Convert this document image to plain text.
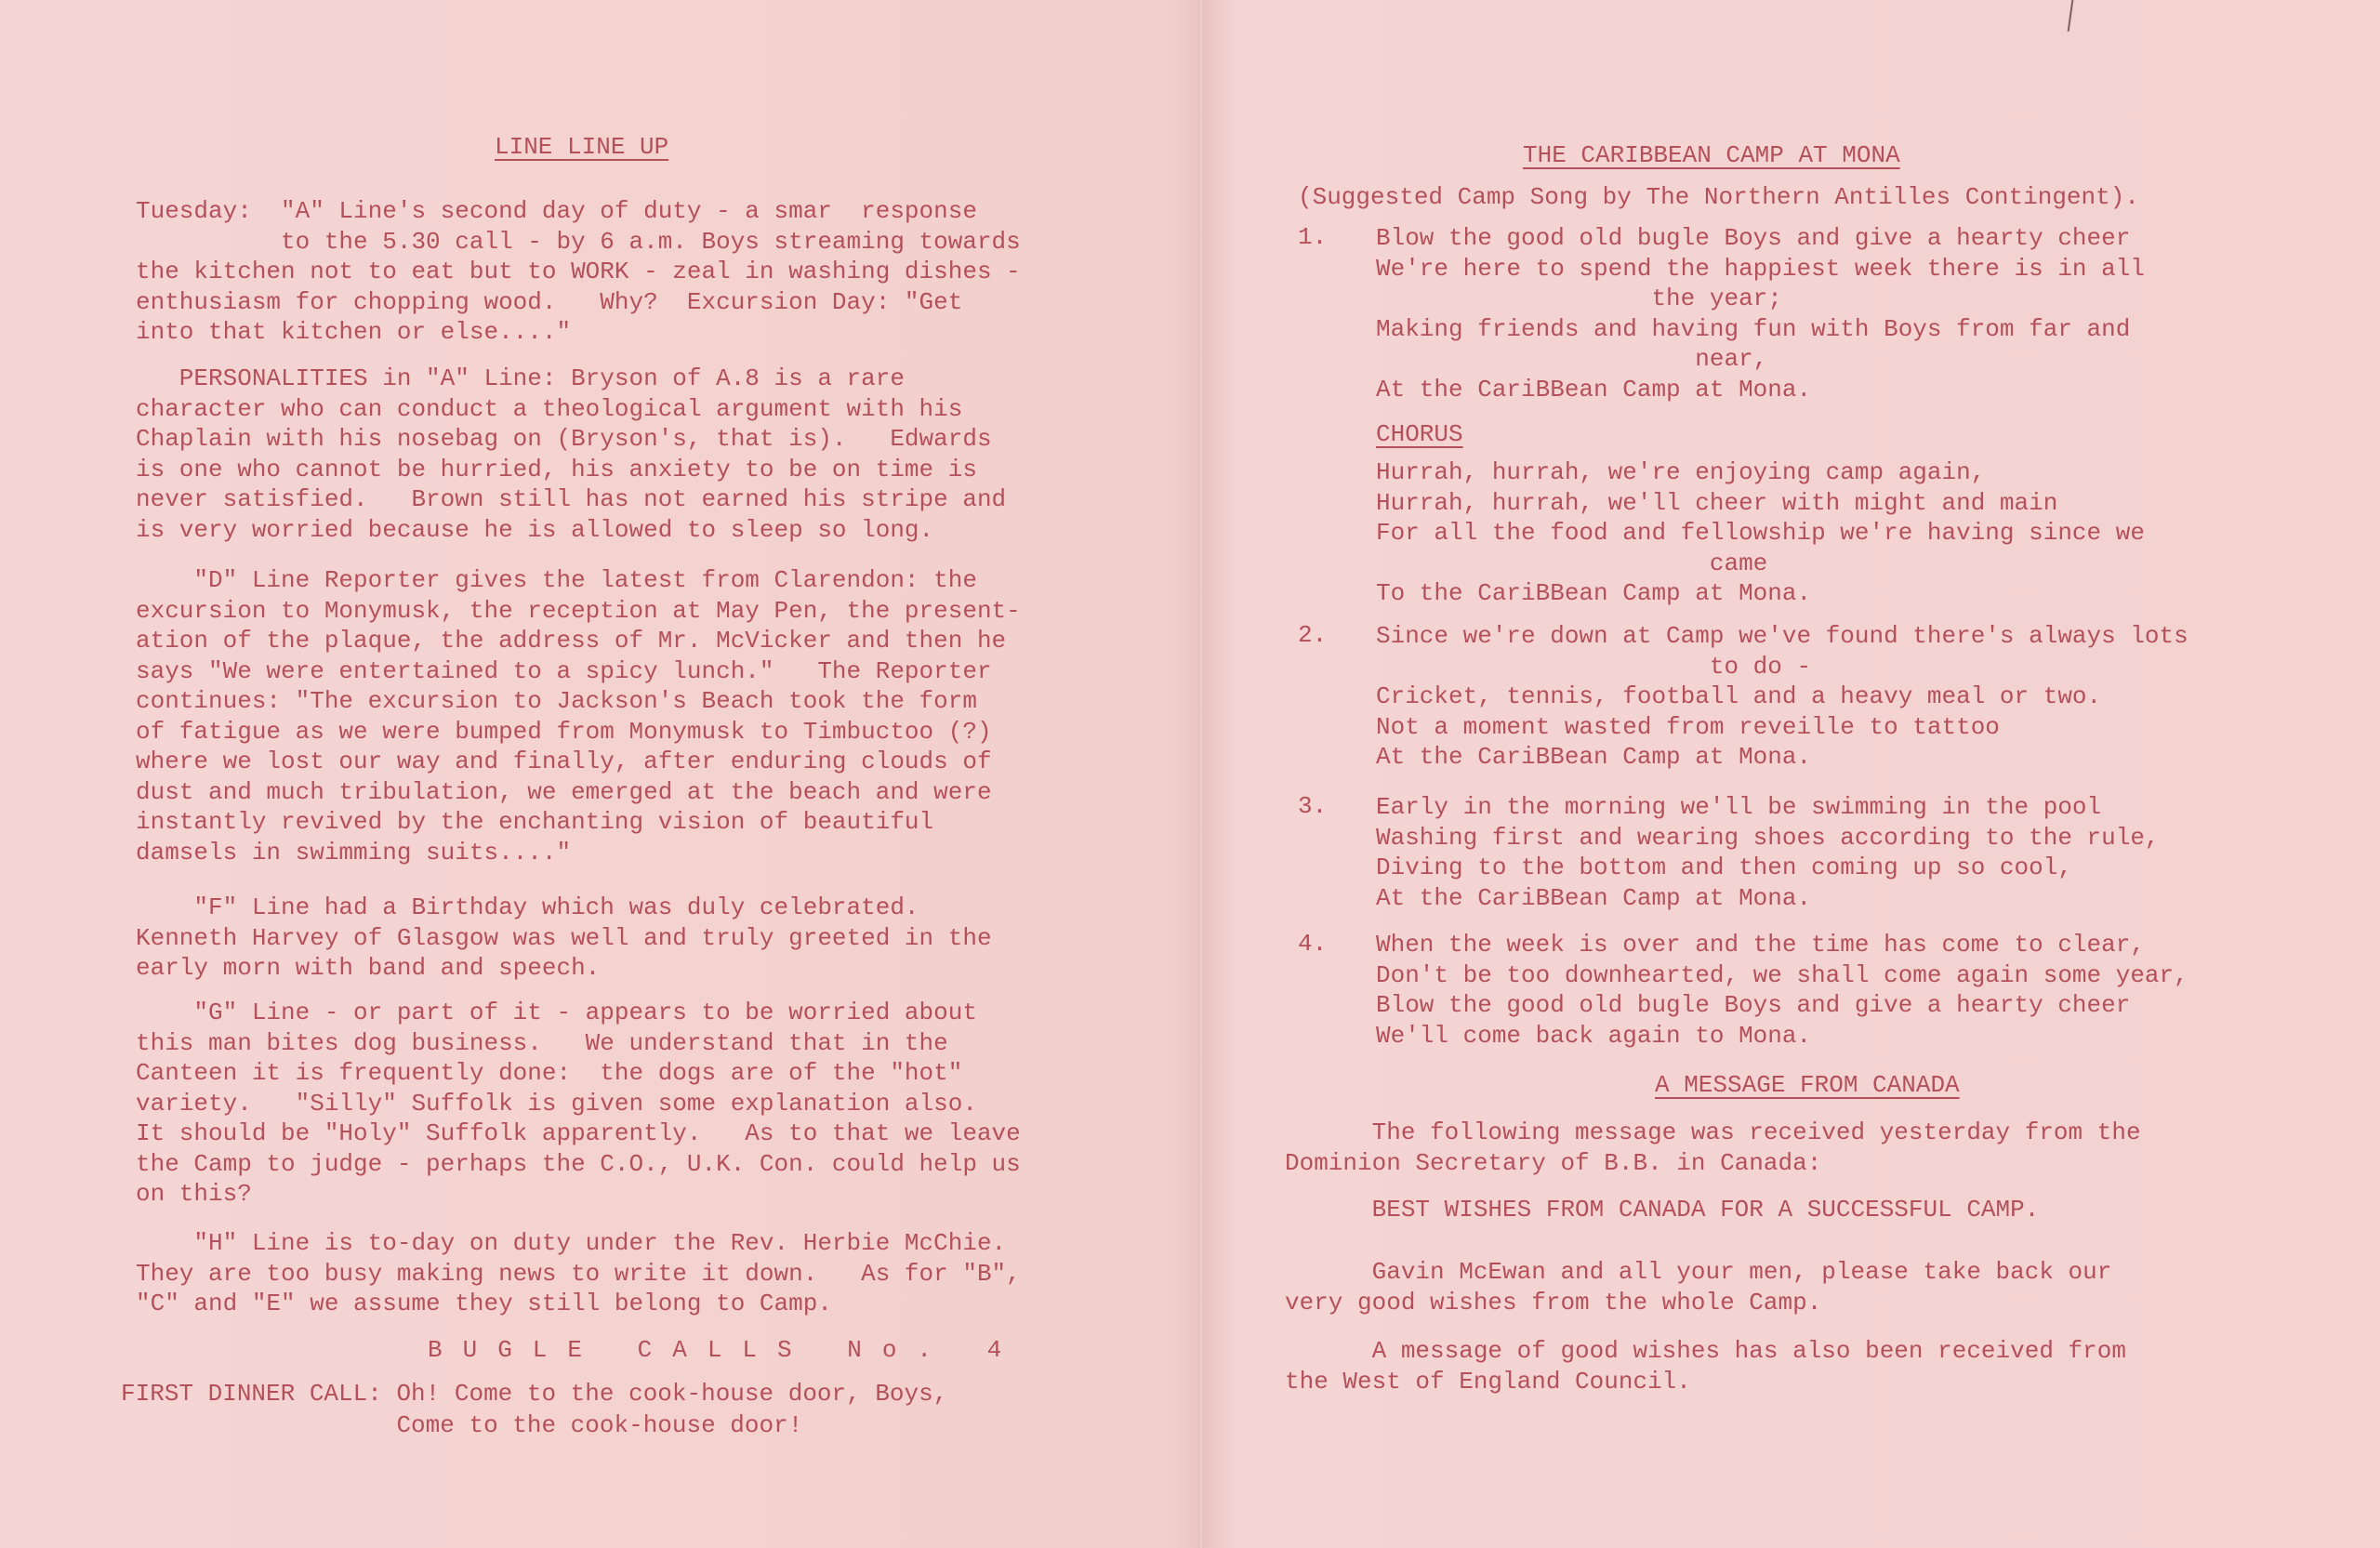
LINE LINE UP
Tuesday:  "A" Line's second day of duty - a smar  response
to the 5.30 call - by 6 a.m. Boys streaming towards
the kitchen not to eat but to WORK - zeal in washing dishes -
enthusiasm for chopping wood.   Why?  Excursion Day: "Get
into that kitchen or else...."
PERSONALITIES in "A" Line: Bryson of A.8 is a rare
character who can conduct a theological argument with his
Chaplain with his nosebag on (Bryson's, that is).   Edwards
is one who cannot be hurried, his anxiety to be on time is
never satisfied.   Brown still has not earned his stripe and
is very worried because he is allowed to sleep so long.
"D" Line Reporter gives the latest from Clarendon: the
excursion to Monymusk, the reception at May Pen, the present-
ation of the plaque, the address of Mr. McVicker and then he
says "We were entertained to a spicy lunch."   The Reporter
continues: "The excursion to Jackson's Beach took the form
of fatigue as we were bumped from Monymusk to Timbuctoo (?)
where we lost our way and finally, after enduring clouds of
dust and much tribulation, we emerged at the beach and were
instantly revived by the enchanting vision of beautiful
damsels in swimming suits...."
"F" Line had a Birthday which was duly celebrated.
Kenneth Harvey of Glasgow was well and truly greeted in the
early morn with band and speech.
"G" Line - or part of it - appears to be worried about
this man bites dog business.   We understand that in the
Canteen it is frequently done:  the dogs are of the "hot"
variety.   "Silly" Suffolk is given some explanation also.
It should be "Holy" Suffolk apparently.   As to that we leave
the Camp to judge - perhaps the C.O., U.K. Con. could help us
on this?
"H" Line is to-day on duty under the Rev. Herbie McChie.
They are too busy making news to write it down.   As for "B",
"C" and "E" we assume they still belong to Camp.
BUGLE CALLS No. 4
FIRST DINNER CALL: Oh! Come to the cook-house door, Boys,
Come to the cook-house door!
THE CARIBBEAN CAMP AT MONA
(Suggested Camp Song by The Northern Antilles Contingent).
1. Blow the good old bugle Boys and give a hearty cheer
We're here to spend the happiest week there is in all
the year;
Making friends and having fun with Boys from far and
near,
At the CariBBean Camp at Mona.
CHORUS
Hurrah, hurrah, we're enjoying camp again,
Hurrah, hurrah, we'll cheer with might and main
For all the food and fellowship we're having since we
came
To the CariBBean Camp at Mona.
2. Since we're down at Camp we've found there's always lots
to do -
Cricket, tennis, football and a heavy meal or two.
Not a moment wasted from reveille to tattoo
At the CariBBean Camp at Mona.
3. Early in the morning we'll be swimming in the pool
Washing first and wearing shoes according to the rule,
Diving to the bottom and then coming up so cool,
At the CariBBean Camp at Mona.
4. When the week is over and the time has come to clear,
Don't be too downhearted, we shall come again some year,
Blow the good old bugle Boys and give a hearty cheer
We'll come back again to Mona.
A MESSAGE FROM CANADA
The following message was received yesterday from the
Dominion Secretary of B.B. in Canada:
BEST WISHES FROM CANADA FOR A SUCCESSFUL CAMP.
Gavin McEwan and all your men, please take back our
very good wishes from the whole Camp.
A message of good wishes has also been received from
the West of England Council.
